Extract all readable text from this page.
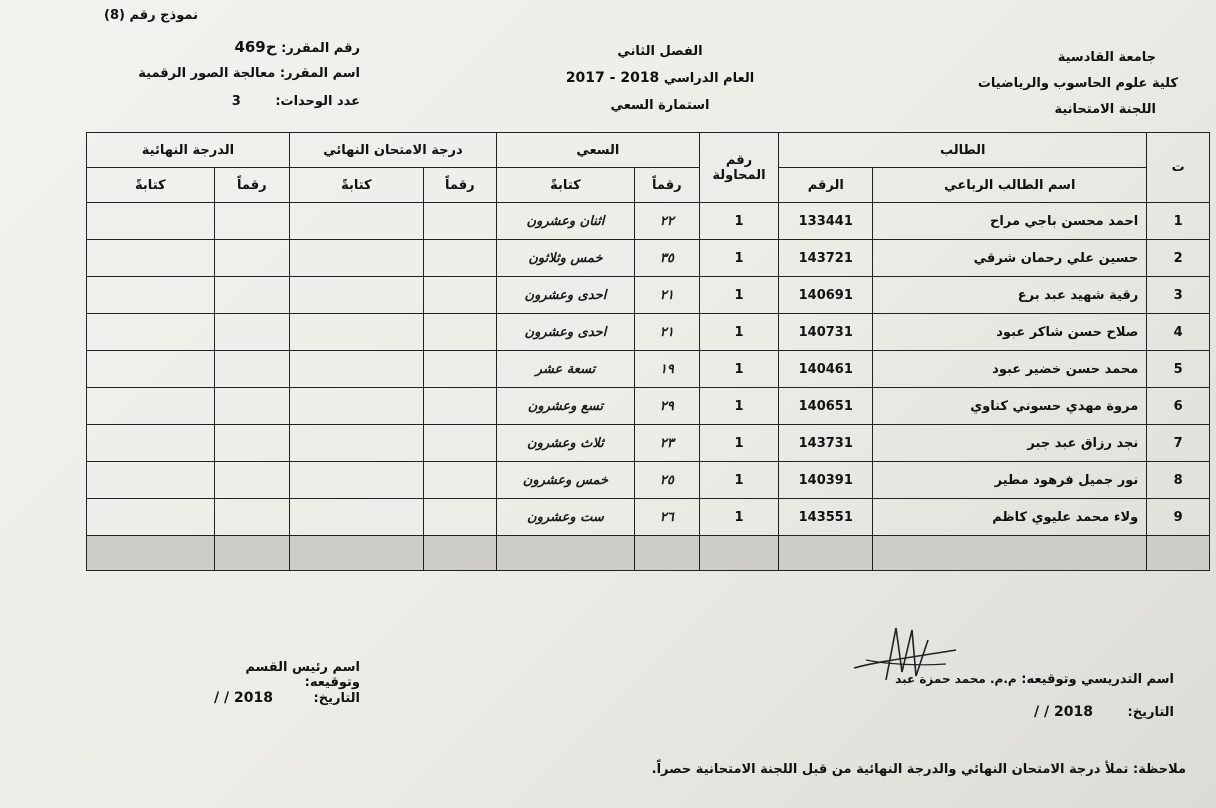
نموذج رقم (8)
رقم المقرر: ح469
اسم المقرر: معالجة الصور الرقمية
عدد الوحدات: 3
الفصل الثاني
العام الدراسي 2017 - 2018
استمارة السعي
جامعة القادسية
كلية علوم الحاسوب والرياضيات
اللجنة الامتحانية
ت	الطالب		رقم المحاولة	السعي		درجة الامتحان النهائي		الدرجة النهائية	
	اسم الطالب الرباعي	الرقم		رقماً	كتابةً	رقماً	كتابةً	رقماً	كتابةً
1	احمد محسن باجي مراح	133441	1	٢٢	اثنان وعشرون				
2	حسين علي رحمان شرقي	143721	1	٣٥	خمس وثلاثون				
3	رقية شهيد عبد برع	140691	1	٢١	احدى وعشرون				
4	صلاح حسن شاكر عبود	140731	1	٢١	احدى وعشرون				
5	محمد حسن خضير عبود	140461	1	١٩	تسعة عشر				
6	مروة مهدي حسوني كناوي	140651	1	٢٩	تسع وعشرون				
7	نجد رزاق عبد جبر	143731	1	٢٣	ثلاث وعشرون				
8	نور جميل فرهود مطير	140391	1	٢٥	خمس وعشرون				
9	ولاء محمد عليوي كاظم	143551	1	٢٦	ست وعشرون				

اسم رئيس القسم وتوقيعه:
التاريخ: / / 2018
اسم التدريسي وتوقيعه: م.م. محمد حمزة عبد
التاريخ: / / 2018
ملاحظة: تملأ درجة الامتحان النهائي والدرجة النهائية من قبل اللجنة الامتحانية حصراً.
